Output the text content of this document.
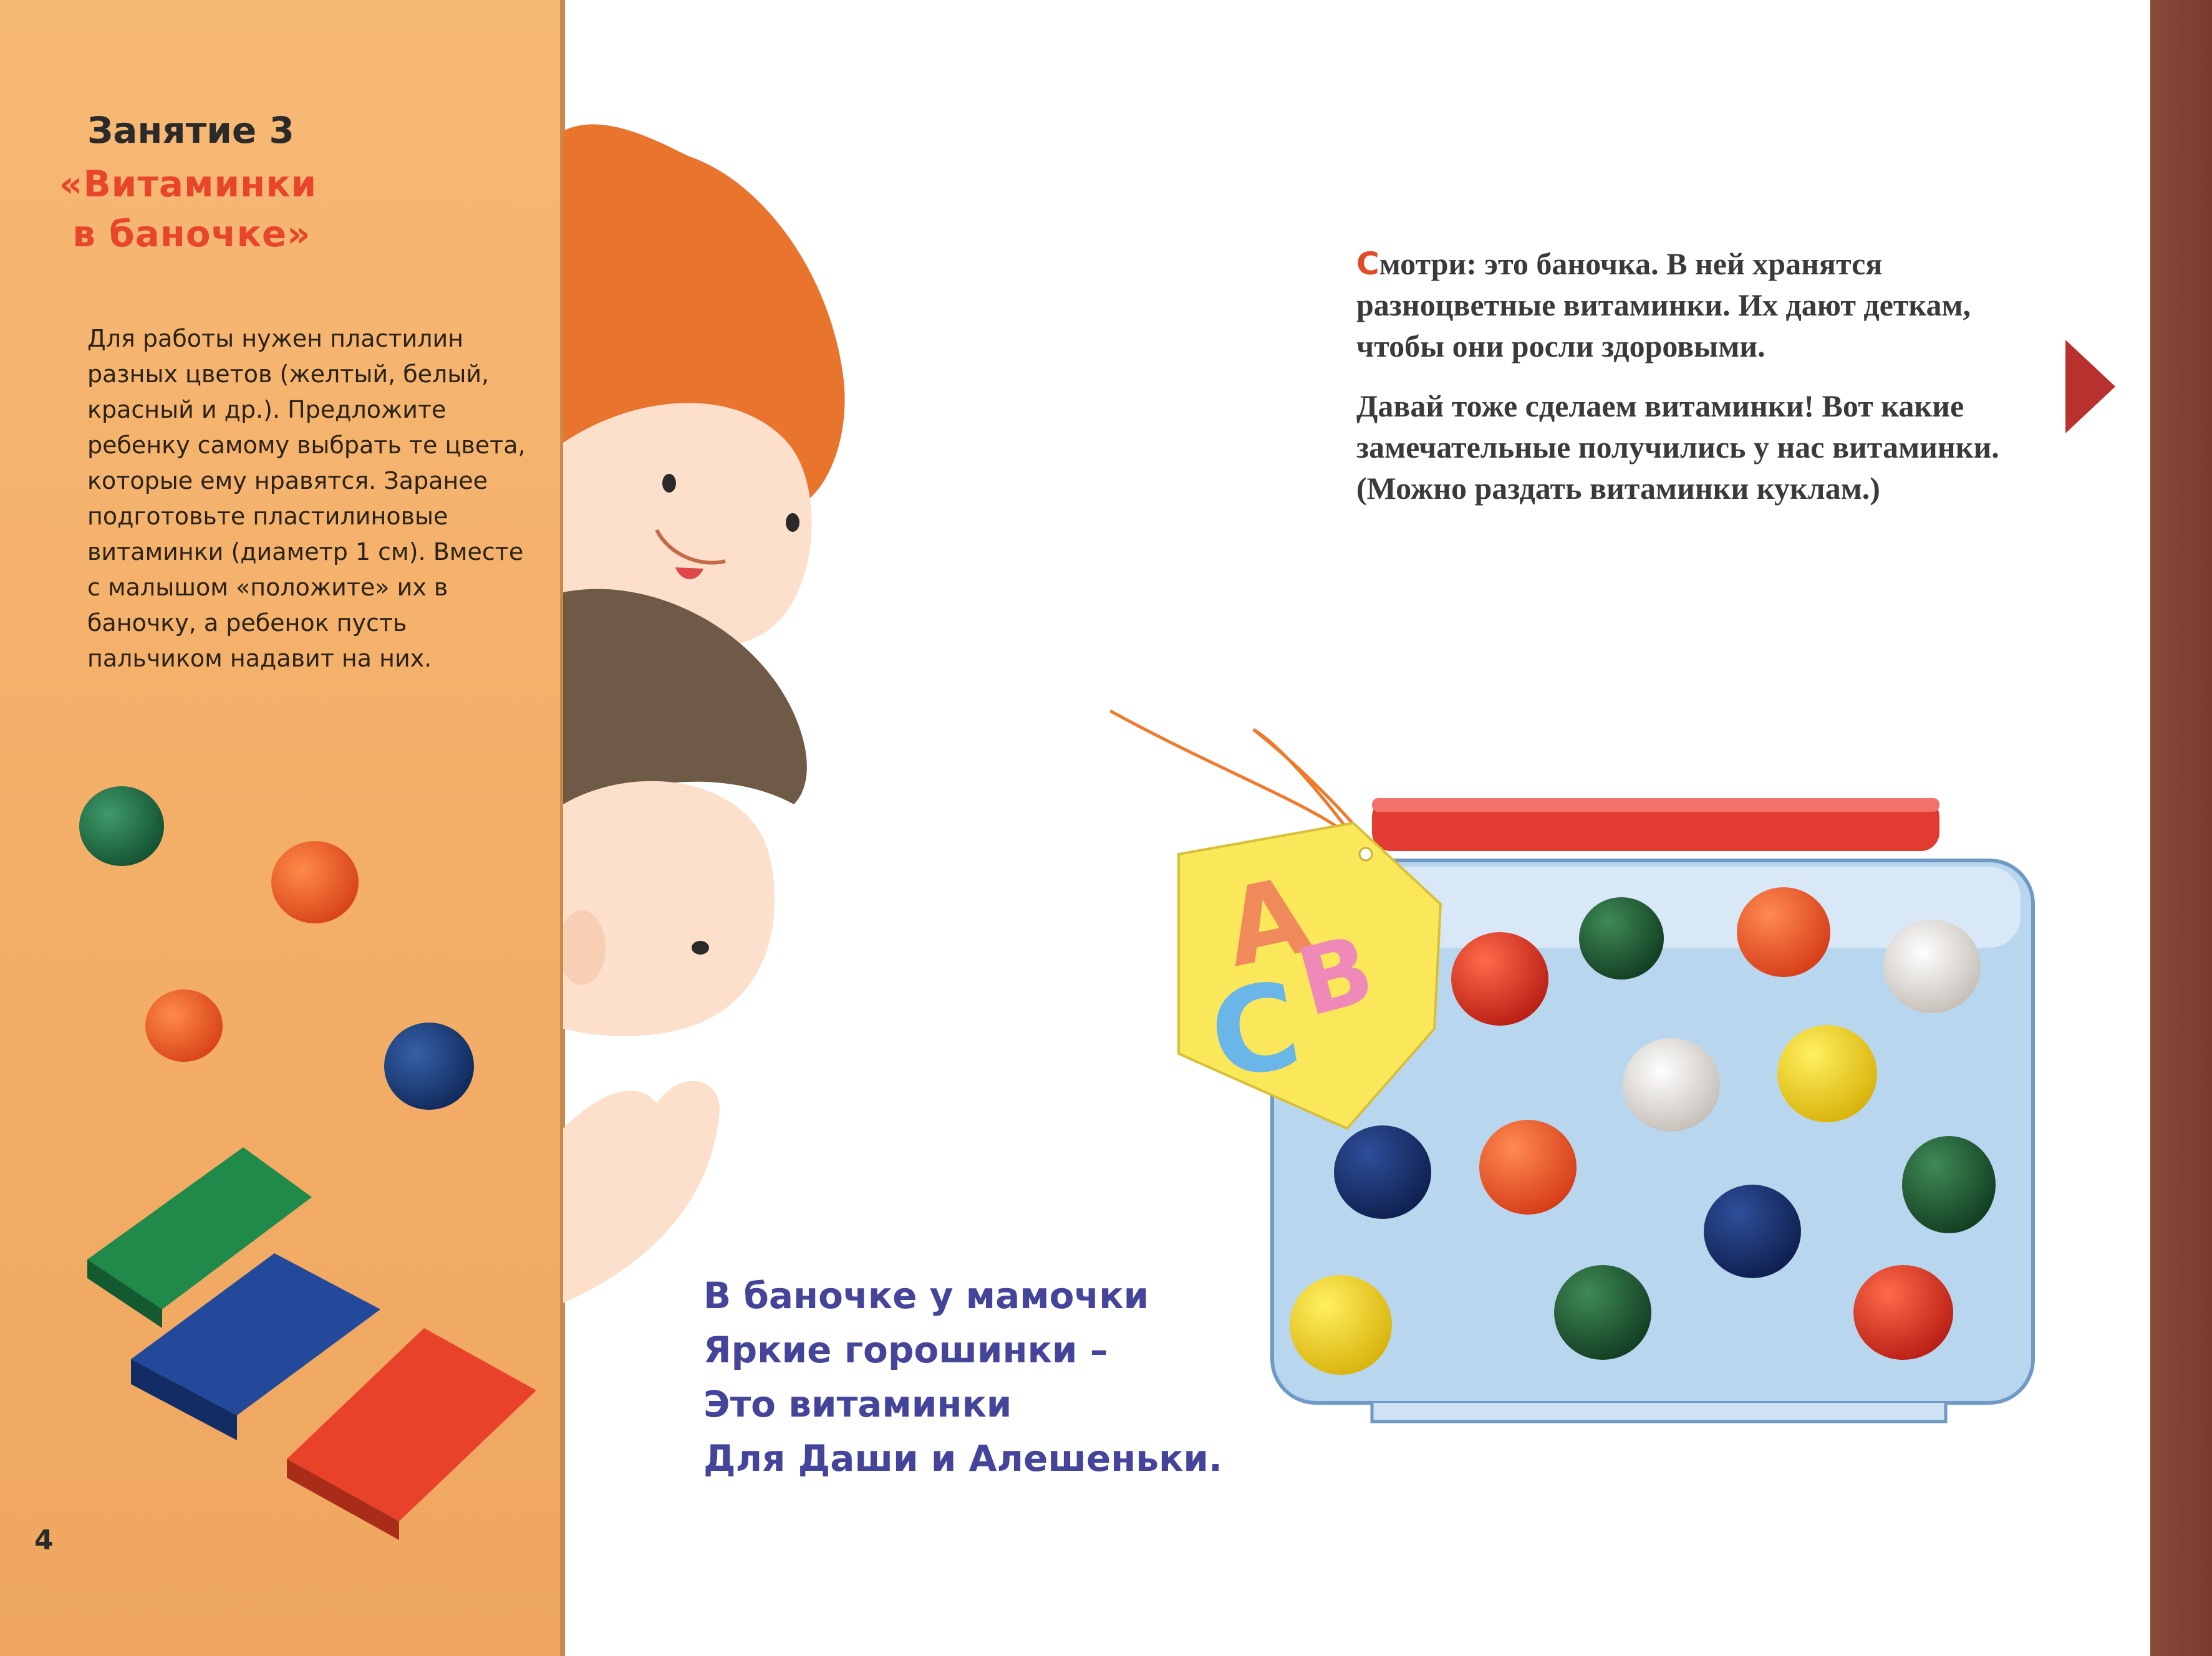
Занятие 3
«Витаминки
в баночке»

Для работы нужен пластилин разных цветов (желтый, белый, красный и др.). Предложите ребенку самому выбрать те цвета, которые ему нравятся. Заранее подготовьте пластилиновые витаминки (диаметр 1 см). Вместе с малышом «положите» их в баночку, а ребенок пусть пальчиком надавит на них.

4

Смотри: это баночка. В ней хранятся разноцветные витаминки. Их дают деткам, чтобы они росли здоровыми.

Давай тоже сделаем витаминки! Вот какие замечательные получились у нас витаминки. (Можно раздать витаминки куклам.)

A
B
C
В баночке у мамочки
Яркие горошинки –
Это витаминки
Для Даши и Алешеньки.
